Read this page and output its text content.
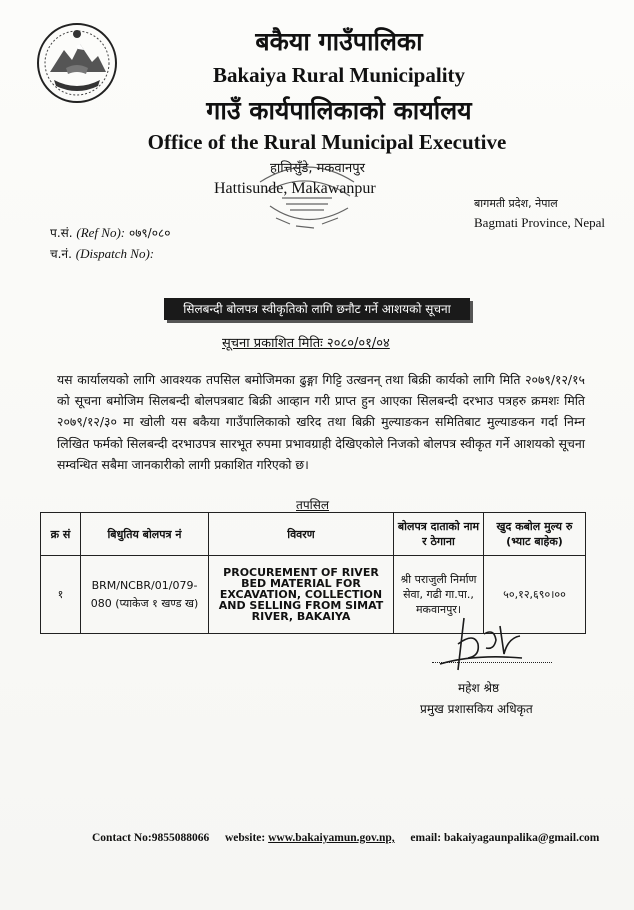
बकैया गाउँपालिका
Bakaiya Rural Municipality
गाउँ कार्यपालिकाको कार्यालय
Office of the Rural Municipal Executive
हात्तिसुँडे, मकवानपुर
Hattisunde, Makawanpur
बागमती प्रदेश, नेपाल
Bagmati Province, Nepal
प.सं. (Ref No): ०७९/०८०
च.नं. (Dispatch No):
सिलबन्दी बोलपत्र स्वीकृतिको लागि छनौट गर्ने आशयको सूचना
सूचना प्रकाशित मितिः २०८०/०१/०४
यस कार्यालयको लागि आवश्यक तपसिल बमोजिमका ढुङ्गा गिट्टि उत्खनन् तथा बिक्री कार्यको लागि मिति २०७९/१२/१५ को सूचना बमोजिम सिलबन्दी बोलपत्रबाट बिक्री आव्हान गरी प्राप्त हुन आएका सिलबन्दी दरभाउ पत्रहरु क्रमशः मिति २०७९/१२/३० मा खोली यस बकैया गाउँपालिकाको खरिद तथा बिक्री मुल्याङकन समितिबाट मुल्याङकन गर्दा निम्न लिखित फर्मको सिलबन्दी दरभाउपत्र सारभूत रुपमा प्रभावग्राही देखिएकोले निजको बोलपत्र स्वीकृत गर्ने आशयको सूचना सम्वन्धित सबैमा जानकारीको लागी प्रकाशित गरिएको छ।
तपसिल
क्र सं	बिधुतिय बोलपत्र नं	विवरण	बोलपत्र दाताको नाम र ठेगाना	खुद कबोल मुल्य रु (भ्याट बाहेक)
१	BRM/NCBR/01/079-080 (प्याकेज १ खण्ड ख)	PROCUREMENT OF RIVER BED MATERIAL FOR EXCAVATION, COLLECTION AND SELLING FROM SIMAT RIVER, BAKAIYA	श्री पराजुली निर्माण सेवा, गढी गा.पा., मकवानपुर।	५०,१२,६९०।००
महेश श्रेष्ठ
प्रमुख प्रशासकिय अधिकृत
Contact No:9855088066 website: www.bakaiyamun.gov.np, email: bakaiyagaunpalika@gmail.com
